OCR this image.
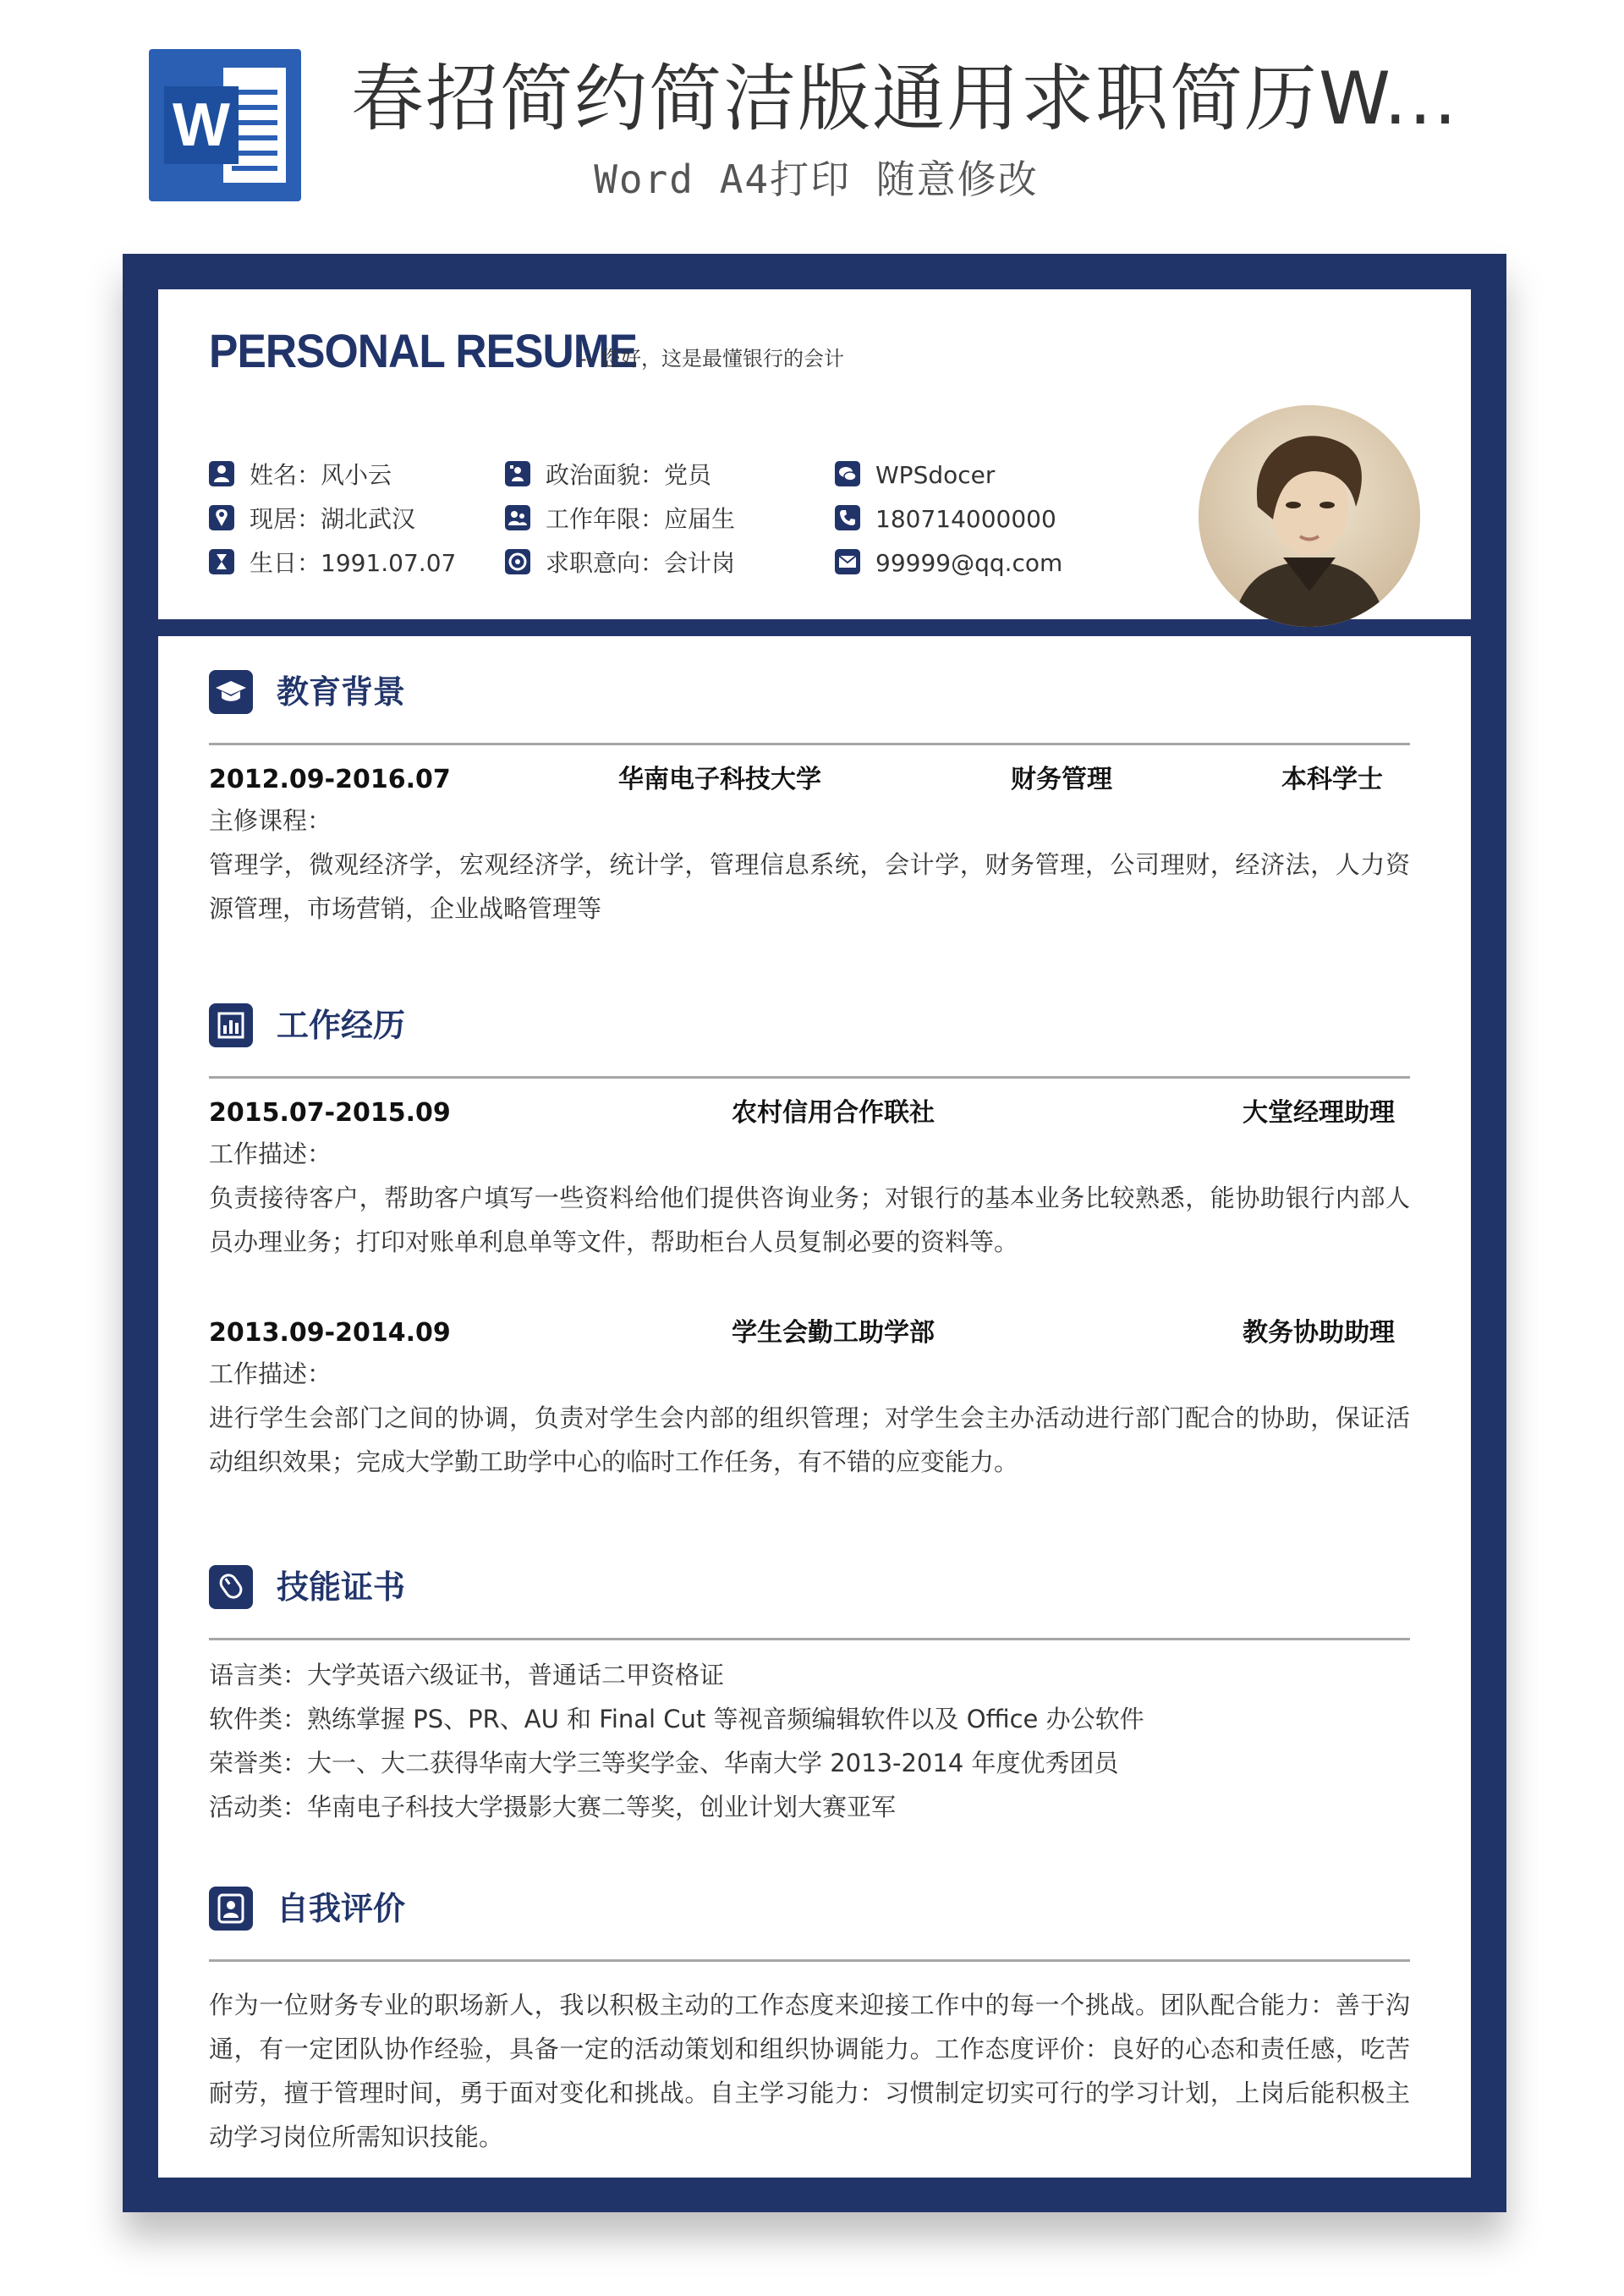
W 春招简约简洁版通用求职简历W...
Word A4打印 随意修改
PERSONAL RESUME
-- 您好，这是最懂银行的会计
姓名：风小云
现居：湖北武汉
生日：1991.07.07
政治面貌：党员
工作年限：应届生
求职意向：会计岗
WPSdocer
180714000000
99999@qq.com
教育背景
2012.09-2016.07	华南电子科技大学	财务管理	本科学士
主修课程：
管理学，微观经济学，宏观经济学，统计学，管理信息系统，会计学，财务管理，公司理财，经济法，人力资源管理，市场营销，企业战略管理等
工作经历
2015.07-2015.09	农村信用合作联社	大堂经理助理
工作描述：
负责接待客户，帮助客户填写一些资料给他们提供咨询业务；对银行的基本业务比较熟悉，能协助银行内部人员办理业务；打印对账单利息单等文件，帮助柜台人员复制必要的资料等。
2013.09-2014.09	学生会勤工助学部	教务协助助理
工作描述：
进行学生会部门之间的协调，负责对学生会内部的组织管理；对学生会主办活动进行部门配合的协助，保证活动组织效果；完成大学勤工助学中心的临时工作任务，有不错的应变能力。
技能证书
语言类：大学英语六级证书，普通话二甲资格证
软件类：熟练掌握 PS、PR、AU 和 Final Cut 等视音频编辑软件以及 Office 办公软件
荣誉类：大一、大二获得华南大学三等奖学金、华南大学 2013-2014 年度优秀团员
活动类：华南电子科技大学摄影大赛二等奖，创业计划大赛亚军
自我评价
作为一位财务专业的职场新人，我以积极主动的工作态度来迎接工作中的每一个挑战。团队配合能力：善于沟通，有一定团队协作经验，具备一定的活动策划和组织协调能力。工作态度评价：良好的心态和责任感，吃苦耐劳，擅于管理时间，勇于面对变化和挑战。自主学习能力：习惯制定切实可行的学习计划，上岗后能积极主动学习岗位所需知识技能。
